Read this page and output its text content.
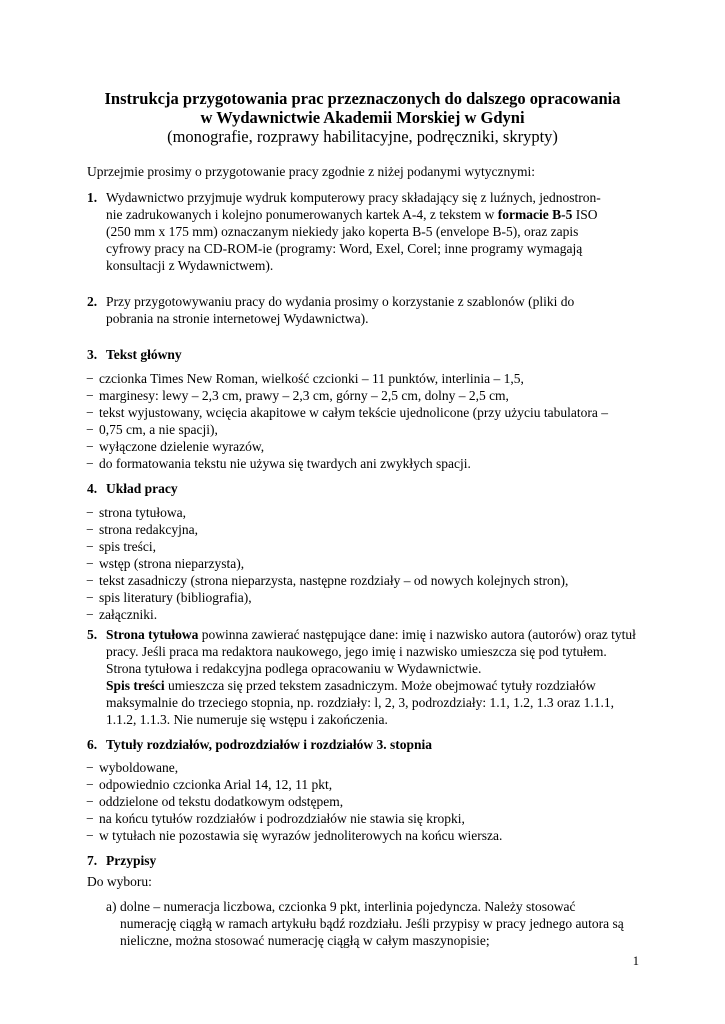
Instrukcja przygotowania prac przeznaczonych do dalszego opracowania
w Wydawnictwie Akademii Morskiej w Gdyni
(monografie, rozprawy habilitacyjne, podręczniki, skrypty)
Uprzejmie prosimy o przygotowanie pracy zgodnie z niżej podanymi wytycznymi:
1. Wydawnictwo przyjmuje wydruk komputerowy pracy składający się z luźnych, jednostron-
nie zadrukowanych i kolejno ponumerowanych kartek A-4, z tekstem w formacie B-5 ISO
(250 mm x 175 mm) oznaczanym niekiedy jako koperta B-5 (envelope B-5), oraz zapis
cyfrowy pracy na CD-ROM-ie (programy: Word, Exel, Corel; inne programy wymagają
konsultacji z Wydawnictwem).
2. Przy przygotowywaniu pracy do wydania prosimy o korzystanie z szablonów (pliki do
pobrania na stronie internetowej Wydawnictwa).
3. Tekst główny
− czcionka Times New Roman, wielkość czcionki – 11 punktów, interlinia – 1,5,
− marginesy: lewy – 2,3 cm, prawy – 2,3 cm, górny – 2,5 cm, dolny – 2,5 cm,
− tekst wyjustowany, wcięcia akapitowe w całym tekście ujednolicone (przy użyciu tabulatora –
− 0,75 cm, a nie spacji),
− wyłączone dzielenie wyrazów,
− do formatowania tekstu nie używa się twardych ani zwykłych spacji.
4. Układ pracy
− strona tytułowa,
− strona redakcyjna,
− spis treści,
− wstęp (strona nieparzysta),
− tekst zasadniczy (strona nieparzysta, następne rozdziały – od nowych kolejnych stron),
− spis literatury (bibliografia),
− załączniki.
5. Strona tytułowa powinna zawierać następujące dane: imię i nazwisko autora (autorów) oraz tytuł
pracy. Jeśli praca ma redaktora naukowego, jego imię i nazwisko umieszcza się pod tytułem.
Strona tytułowa i redakcyjna podlega opracowaniu w Wydawnictwie.
Spis treści umieszcza się przed tekstem zasadniczym. Może obejmować tytuły rozdziałów
maksymalnie do trzeciego stopnia, np. rozdziały: l, 2, 3, podrozdziały: 1.1, 1.2, 1.3 oraz 1.1.1,
1.1.2, 1.1.3. Nie numeruje się wstępu i zakończenia.
6. Tytuły rozdziałów, podrozdziałów i rozdziałów 3. stopnia
− wyboldowane,
− odpowiednio czcionka Arial 14, 12, 11 pkt,
− oddzielone od tekstu dodatkowym odstępem,
− na końcu tytułów rozdziałów i podrozdziałów nie stawia się kropki,
− w tytułach nie pozostawia się wyrazów jednoliterowych na końcu wiersza.
7. Przypisy
Do wyboru:
a) dolne – numeracja liczbowa, czcionka 9 pkt, interlinia pojedyncza. Należy stosować
numerację ciągłą w ramach artykułu bądź rozdziału. Jeśli przypisy w pracy jednego autora są
nieliczne, można stosować numerację ciągłą w całym maszynopisie;
1
